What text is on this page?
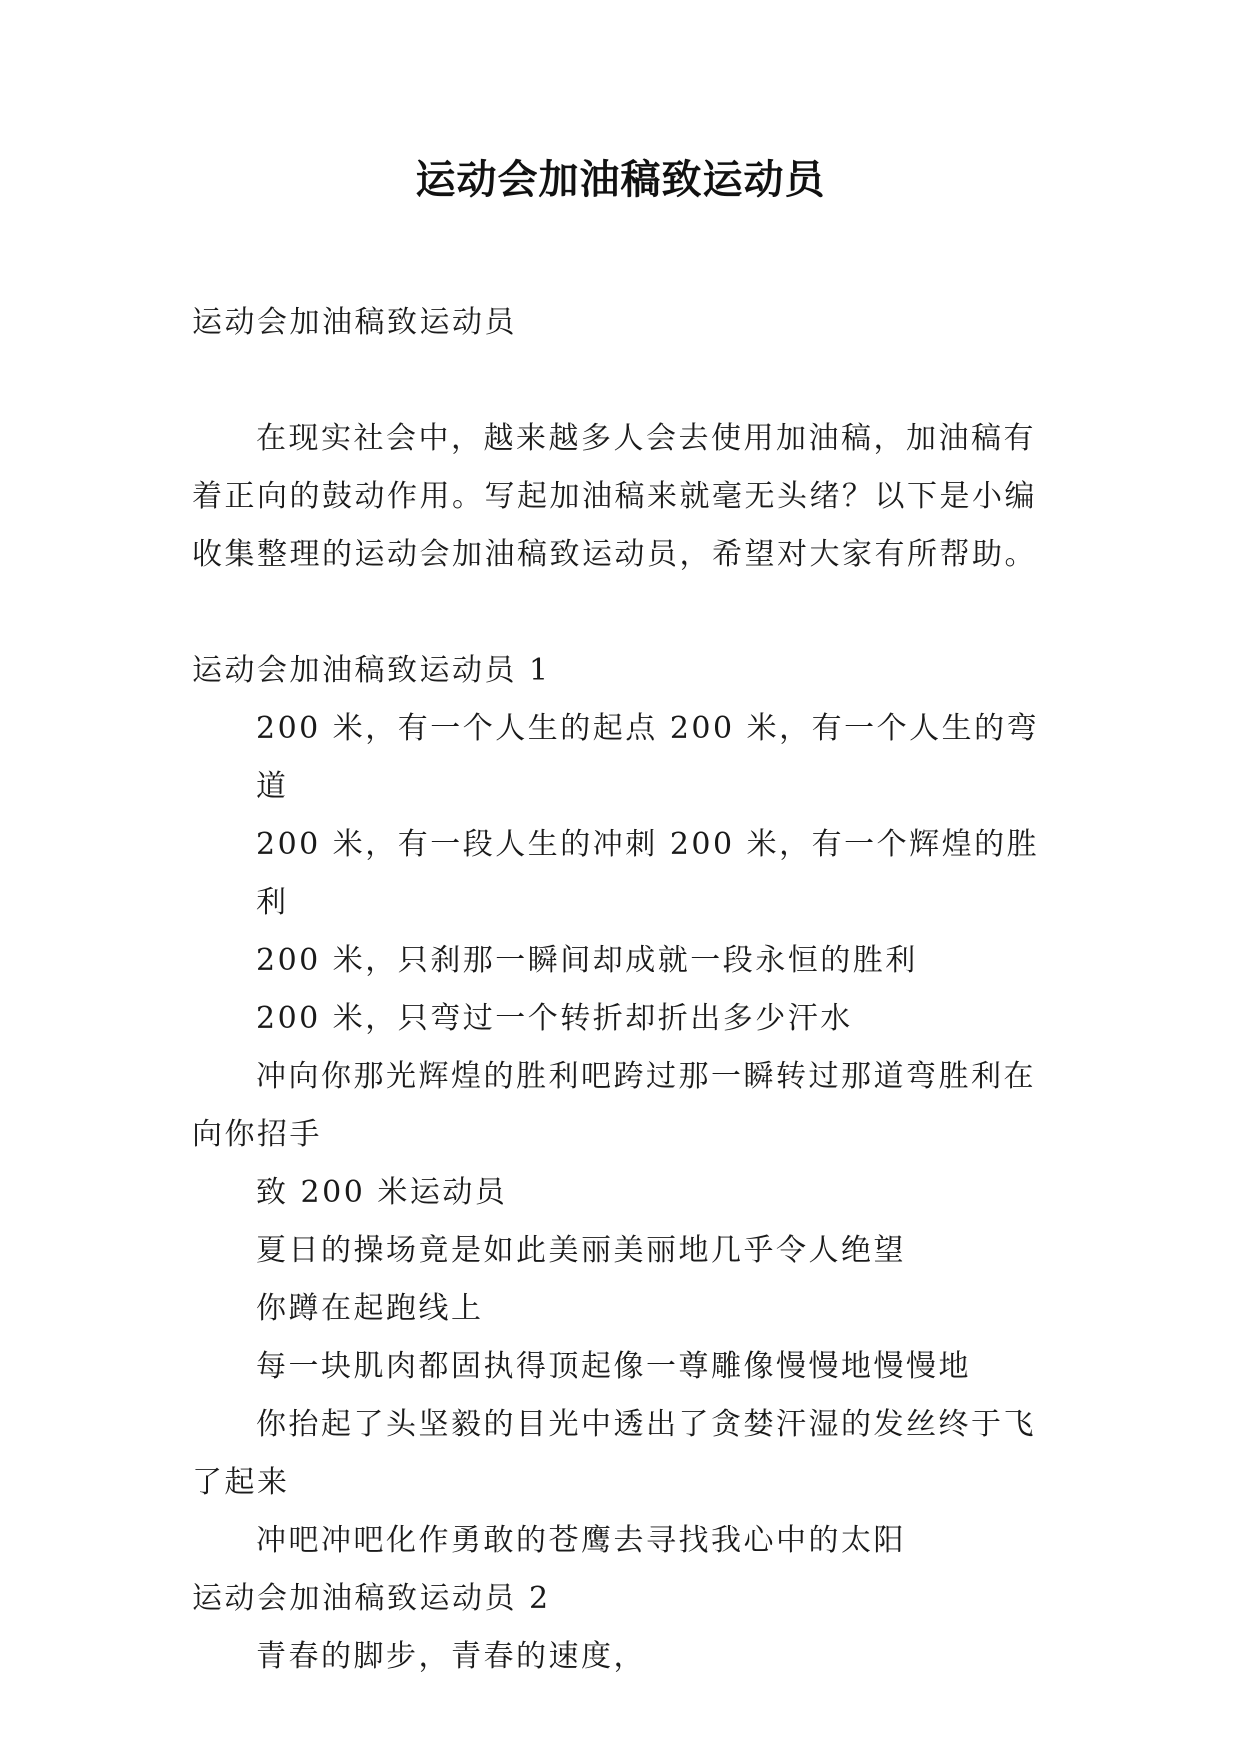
运动会加油稿致运动员

运动会加油稿致运动员

在现实社会中，越来越多人会去使用加油稿，加油稿有着正向的鼓动作用。写起加油稿来就毫无头绪？以下是小编收集整理的运动会加油稿致运动员，希望对大家有所帮助。

运动会加油稿致运动员 1

200 米，有一个人生的起点 200 米，有一个人生的弯道

200 米，有一段人生的冲刺 200 米，有一个辉煌的胜利

200 米，只刹那一瞬间却成就一段永恒的胜利

200 米，只弯过一个转折却折出多少汗水

冲向你那光辉煌的胜利吧跨过那一瞬转过那道弯胜利在向你招手

致 200 米运动员

夏日的操场竟是如此美丽美丽地几乎令人绝望

你蹲在起跑线上

每一块肌肉都固执得顶起像一尊雕像慢慢地慢慢地

你抬起了头坚毅的目光中透出了贪婪汗湿的发丝终于飞了起来

冲吧冲吧化作勇敢的苍鹰去寻找我心中的太阳

运动会加油稿致运动员 2

青春的脚步，青春的速度，
